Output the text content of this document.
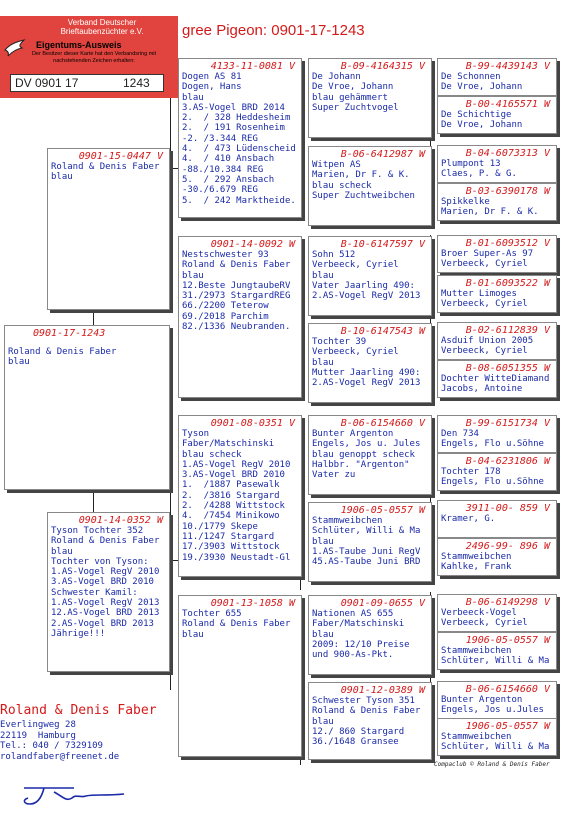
gree Pigeon: 0901-17-1243
Verband Deutscher
Brieftaubenzüchter e.V.
Eigentums-Ausweis
Der Besitzer dieser Karte hat den Verbandsring mit nachstehenden Zeichen erhalten:
DV 0901 17	1243
0901-17-1243
Roland & Denis Faber
blau
0901-15-0447 V
Roland & Denis Faber
blau
0901-14-0352 W
Tyson Tochter 352
Roland & Denis Faber
blau
Tochter von Tyson:
1.AS-Vogel RegV 2010
3.AS-Vogel BRD 2010
Schwester Kamil:
1.AS-Vogel RegV 2013
12.AS-Vogel BRD 2013
2.AS-Vogel BRD 2013
Jährige!!!
4133-11-0081 V
Dogen AS 81
Dogen, Hans
blau
3.AS-Vogel BRD 2014
2.  / 328 Heddesheim
2.  / 191 Rosenheim
-2. /3.344 REG
4.  / 473 Lüdenscheid
4.  / 410 Ansbach
-88./10.384 REG
5.  / 292 Ansbach
-30./6.679 REG
5.  / 242 Marktheide.
0901-14-0092 W
Nestschwester 93
Roland & Denis Faber
blau
12.Beste JungtaubeRV
31./2973 StargardREG
66./2200 Teterow
69./2018 Parchim
82./1336 Neubranden.
0901-08-0351 V
Tyson
Faber/Matschinski
blau scheck
1.AS-Vogel RegV 2010
3.AS-Vogel BRD 2010
1.  /1887 Pasewalk
2.  /3816 Stargard
2.  /4288 Wittstock
4.  /7454 Minikowo
10./1779 Skepe
11./1247 Stargard
17./3903 Wittstock
19./3930 Neustadt-Gl
0901-13-1058 W
Tochter 655
Roland & Denis Faber
blau
B-09-4164315 V
De Johann
De Vroe, Johann
blau gehämmert
Super Zuchtvogel
B-06-6412987 W
Witpen AS
Marien, Dr F. & K.
blau scheck
Super Zuchtweibchen
B-10-6147597 V
Sohn 512
Verbeeck, Cyriel
blau
Vater Jaarling 490:
2.AS-Vogel RegV 2013
B-10-6147543 W
Tochter 39
Verbeeck, Cyriel
blau
Mutter Jaarling 490:
2.AS-Vogel RegV 2013
B-06-6154660 V
Bunter Argenton
Engels, Jos u. Jules
blau genoppt scheck
Halbbr. "Argenton"
Vater zu
1906-05-0557 W
Stammweibchen
Schlüter, Willi & Ma
blau
1.AS-Taube Juni RegV
45.AS-Taube Juni BRD
0901-09-0655 V
Nationen AS 655
Faber/Matschinski
blau
2009: 12/10 Preise
und 900-As-Pkt.
0901-12-0389 W
Schwester Tyson 351
Roland & Denis Faber
blau
12./ 860 Stargard
36./1648 Gransee
B-99-4439143 V
De Schonnen
De Vroe, Johann
B-00-4165571 W
De Schichtige
De Vroe, Johann
B-04-6073313 V
Plumpont 13
Claes, P. & G.
B-03-6390178 W
Spikkelke
Marien, Dr F. & K.
B-01-6093512 V
Broer Super-As 97
Verbeeck, Cyriel
B-01-6093522 W
Mutter Limoges
Verbeeck, Cyriel
B-02-6112839 V
Asduif Union 2005
Verbeeck, Cyriel
B-08-6051355 W
Dochter WitteDiamand
Jacobs, Antoine
B-99-6151734 V
Den 734
Engels, Flo u.Söhne
B-04-6231806 W
Tochter 178
Engels, Flo u.Söhne
3911-00- 859 V
Kramer, G.
2496-99- 896 W
Stammweibchen
Kahlke, Frank
B-06-6149298 V
Verbeeck-Vogel
Verbeeck, Cyriel
1906-05-0557 W
Stammweibchen
Schlüter, Willi & Ma
B-06-6154660 V
Bunter Argenton
Engels, Jos u.Jules
1906-05-0557 W
Stammweibchen
Schlüter, Willi & Ma
Roland & Denis Faber
Everlingweg 28
22119  Hamburg
Tel.: 040 / 7329109
rolandfaber@freenet.de
Compaclub © Roland & Denis Faber
